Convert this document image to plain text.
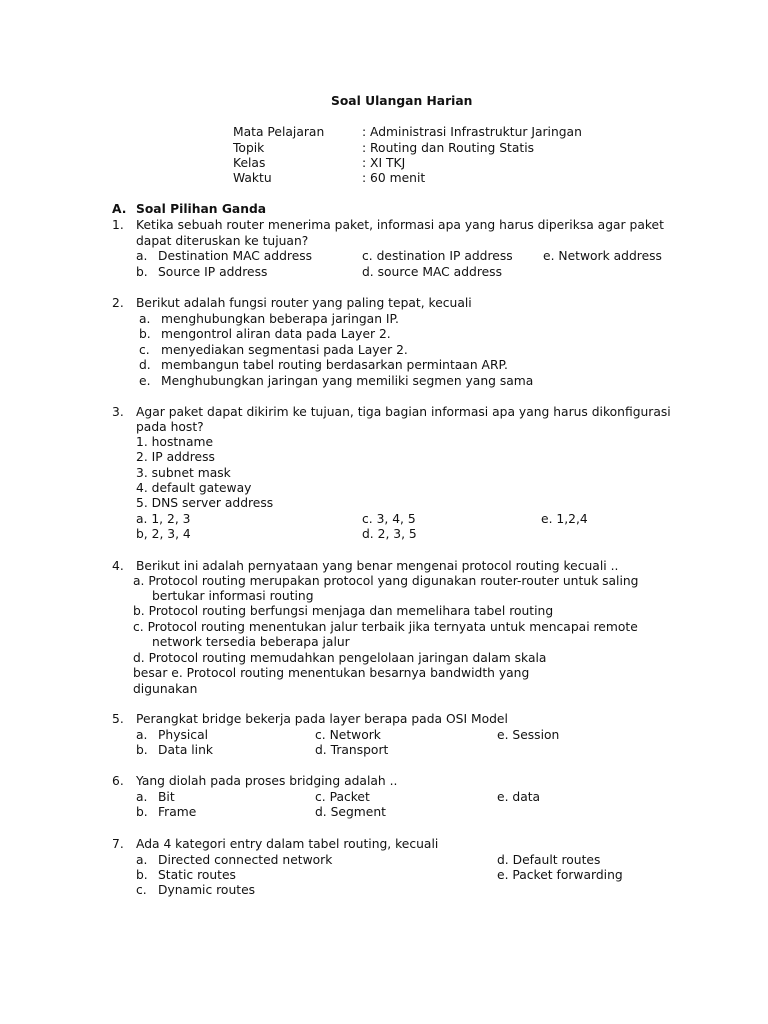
Soal Ulangan Harian
Mata Pelajaran	: Administrasi Infrastruktur Jaringan
Topik	: Routing dan Routing Statis
Kelas	: XI TKJ
Waktu	: 60 menit
A. Soal Pilihan Ganda
1. Ketika sebuah router menerima paket, informasi apa yang harus diperiksa agar paket
dapat diteruskan ke tujuan?
a. Destination MAC address	c. destination IP address e. Network address
b. Source IP address	d. source MAC address
2. Berikut adalah fungsi router yang paling tepat, kecuali
a. menghubungkan beberapa jaringan IP.
b. mengontrol aliran data pada Layer 2.
c. menyediakan segmentasi pada Layer 2.
d. membangun tabel routing berdasarkan permintaan ARP.
e. Menghubungkan jaringan yang memiliki segmen yang sama
3. Agar paket dapat dikirim ke tujuan, tiga bagian informasi apa yang harus dikonfigurasi
pada host?
1. hostname
2. IP address
3. subnet mask
4. default gateway
5. DNS server address
a. 1, 2, 3	c. 3, 4, 5	e. 1,2,4
b, 2, 3, 4	d. 2, 3, 5
4. Berikut ini adalah pernyataan yang benar mengenai protocol routing kecuali ..
a. Protocol routing merupakan protocol yang digunakan router-router untuk saling
bertukar informasi routing
b. Protocol routing berfungsi menjaga dan memelihara tabel routing
c. Protocol routing menentukan jalur terbaik jika ternyata untuk mencapai remote
network tersedia beberapa jalur
d. Protocol routing memudahkan pengelolaan jaringan dalam skala
besar e. Protocol routing menentukan besarnya bandwidth yang
digunakan
5. Perangkat bridge bekerja pada layer berapa pada OSI Model
a. Physical	c. Network	e. Session
b. Data link	d. Transport
6. Yang diolah pada proses bridging adalah ..
a. Bit	c. Packet	e. data
b. Frame	d. Segment
7. Ada 4 kategori entry dalam tabel routing, kecuali
a. Directed connected network	d. Default routes
b. Static routes	e. Packet forwarding
c. Dynamic routes
